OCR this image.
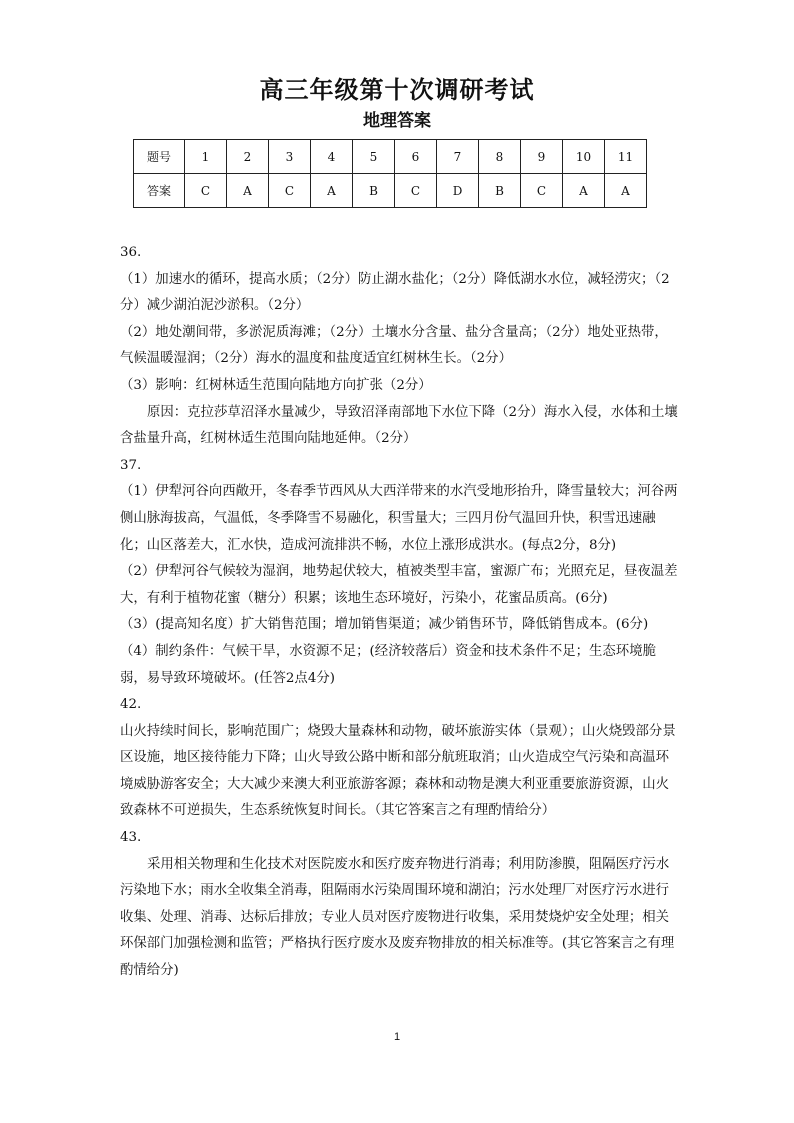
高三年级第十次调研考试
地理答案
题号	1	2	3	4	5	6	7	8	9	10	11
答案	C	A	C	A	B	C	D	B	C	A	A

36.

（1）加速水的循环，提高水质；（2分）防止湖水盐化；（2分）降低湖水水位，减轻涝灾；（2分）减少湖泊泥沙淤积。（2分）

（2）地处潮间带，多淤泥质海滩；（2分）土壤水分含量、盐分含量高；（2分）地处亚热带，气候温暖湿润；（2分）海水的温度和盐度适宜红树林生长。（2分）

（3）影响：红树林适生范围向陆地方向扩张（2分）

原因：克拉莎草沼泽水量减少，导致沼泽南部地下水位下降（2分）海水入侵，水体和土壤含盐量升高，红树林适生范围向陆地延伸。（2分）

37.

（1）伊犁河谷向西敞开，冬春季节西风从大西洋带来的水汽受地形抬升，降雪量较大；河谷两侧山脉海拔高，气温低，冬季降雪不易融化，积雪量大；三四月份气温回升快，积雪迅速融化；山区落差大，汇水快，造成河流排洪不畅，水位上涨形成洪水。(每点2分，8分)

（2）伊犁河谷气候较为湿润，地势起伏较大，植被类型丰富，蜜源广布；光照充足，昼夜温差大，有利于植物花蜜（糖分）积累；该地生态环境好，污染小，花蜜品质高。(6分)

（3）(提高知名度）扩大销售范围；增加销售渠道；减少销售环节，降低销售成本。(6分)

（4）制约条件：气候干旱，水资源不足；(经济较落后）资金和技术条件不足；生态环境脆弱，易导致环境破坏。(任答2点4分)

42.

山火持续时间长，影响范围广；烧毁大量森林和动物，破坏旅游实体（景观）；山火烧毁部分景区设施，地区接待能力下降；山火导致公路中断和部分航班取消；山火造成空气污染和高温环境威胁游客安全；大大减少来澳大利亚旅游客源；森林和动物是澳大利亚重要旅游资源，山火致森林不可逆损失，生态系统恢复时间长。（其它答案言之有理酌情给分）

43.

采用相关物理和生化技术对医院废水和医疗废弃物进行消毒；利用防渗膜，阻隔医疗污水污染地下水；雨水全收集全消毒，阻隔雨水污染周围环境和湖泊；污水处理厂对医疗污水进行收集、处理、消毒、达标后排放；专业人员对医疗废物进行收集，采用焚烧炉安全处理；相关环保部门加强检测和监管；严格执行医疗废水及废弃物排放的相关标准等。(其它答案言之有理酌情给分)

1
